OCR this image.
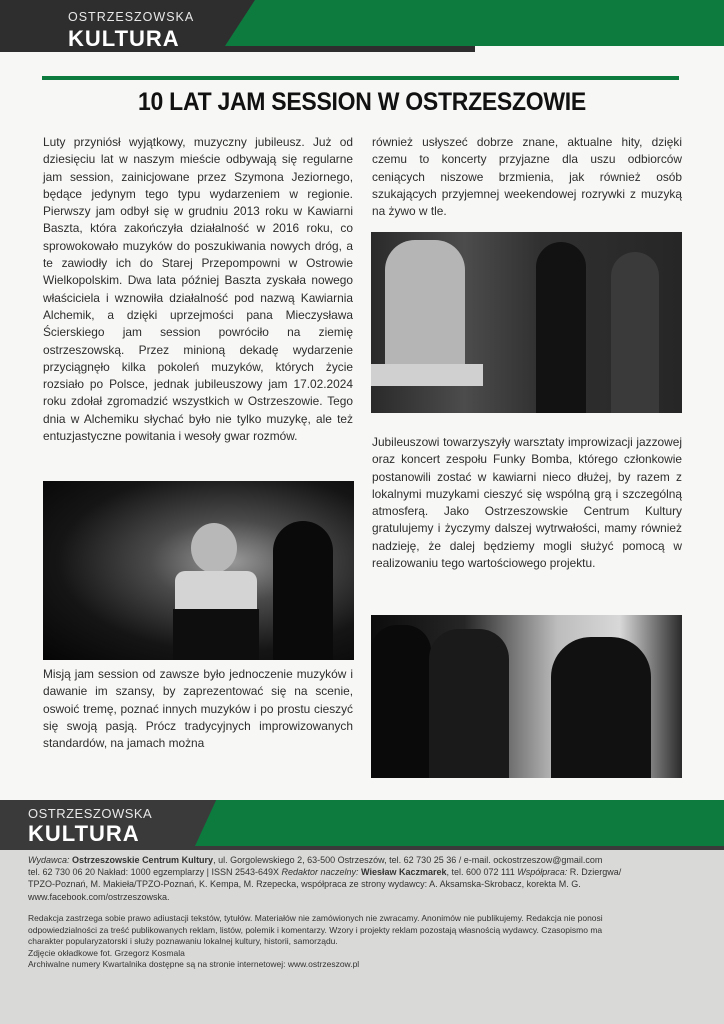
OSTRZESZOWSKA
KULTURA
10 LAT JAM SESSION W OSTRZESZOWIE

Luty przyniósł wyjątkowy, muzyczny jubileusz. Już od dziesięciu lat w naszym mieście odbywają się regularne jam session, zainicjowane przez Szymona Jeziornego, będące jedynym tego typu wydarzeniem w regionie. Pierwszy jam odbył się w grudniu 2013 roku w Kawiarni Baszta, która zakończyła działalność w 2016 roku, co sprowokowało muzyków do poszukiwania nowych dróg, a te zawiodły ich do Starej Przepompowni w Ostrowie Wielkopolskim. Dwa lata później Baszta zyskała nowego właściciela i wznowiła działalność pod nazwą Kawiarnia Alchemik, a dzięki uprzejmości pana Mieczysława Ścierskiego jam session powróciło na ziemię ostrzeszowską. Przez minioną dekadę wydarzenie przyciągnęło kilka pokoleń muzyków, których życie rozsiało po Polsce, jednak jubileuszowy jam 17.02.2024 roku zdołał zgromadzić wszystkich w Ostrzeszowie. Tego dnia w Alchemiku słychać było nie tylko muzykę, ale też entuzjastyczne powitania i wesoły gwar rozmów.

Misją jam session od zawsze było jednoczenie muzyków i dawanie im szansy, by zaprezentować się na scenie, oswoić tremę, poznać innych muzyków i po prostu cieszyć się swoją pasją. Prócz tradycyjnych improwizowanych standardów, na jamach można

również usłyszeć dobrze znane, aktualne hity, dzięki czemu to koncerty przyjazne dla uszu odbiorców ceniących niszowe brzmienia, jak również osób szukających przyjemnej weekendowej rozrywki z muzyką na żywo w tle.

Jubileuszowi towarzyszyły warsztaty improwizacji jazzowej oraz koncert zespołu Funky Bomba, którego członkowie postanowili zostać w kawiarni nieco dłużej, by razem z lokalnymi muzykami cieszyć się wspólną grą i szczególną atmosferą. Jako Ostrzeszowskie Centrum Kultury gratulujemy i życzymy dalszej wytrwałości, mamy również nadzieję, że dalej będziemy mogli służyć pomocą w realizowaniu tego wartościowego projektu.

OSTRZESZOWSKA
KULTURA
Wydawca: Ostrzeszowskie Centrum Kultury, ul. Gorgolewskiego 2, 63-500 Ostrzeszów, tel. 62 730 25 36 / e-mail. ockostrzeszow@gmail.com
tel. 62 730 06 20 Nakład: 1000 egzemplarzy | ISSN 2543-649X Redaktor naczelny: Wiesław Kaczmarek, tel. 600 072 111 Współpraca: R. Dziergwa/
TPZO-Poznań, M. Makieła/TPZO-Poznań, K. Kempa, M. Rzepecka, współpraca ze strony wydawcy: A. Aksamska-Skrobacz, korekta M. G.
www.facebook.com/ostrzeszowska.
Redakcja zastrzega sobie prawo adiustacji tekstów, tytułów. Materiałów nie zamówionych nie zwracamy. Anonimów nie publikujemy. Redakcja nie ponosi
odpowiedzialności za treść publikowanych reklam, listów, polemik i komentarzy. Wzory i projekty reklam pozostają własnością wydawcy. Czasopismo ma
charakter popularyzatorski i służy poznawaniu lokalnej kultury, historii, samorządu.
Zdjęcie okładkowe fot. Grzegorz Kosmala
Archiwalne numery Kwartalnika dostępne są na stronie internetowej: www.ostrzeszow.pl
